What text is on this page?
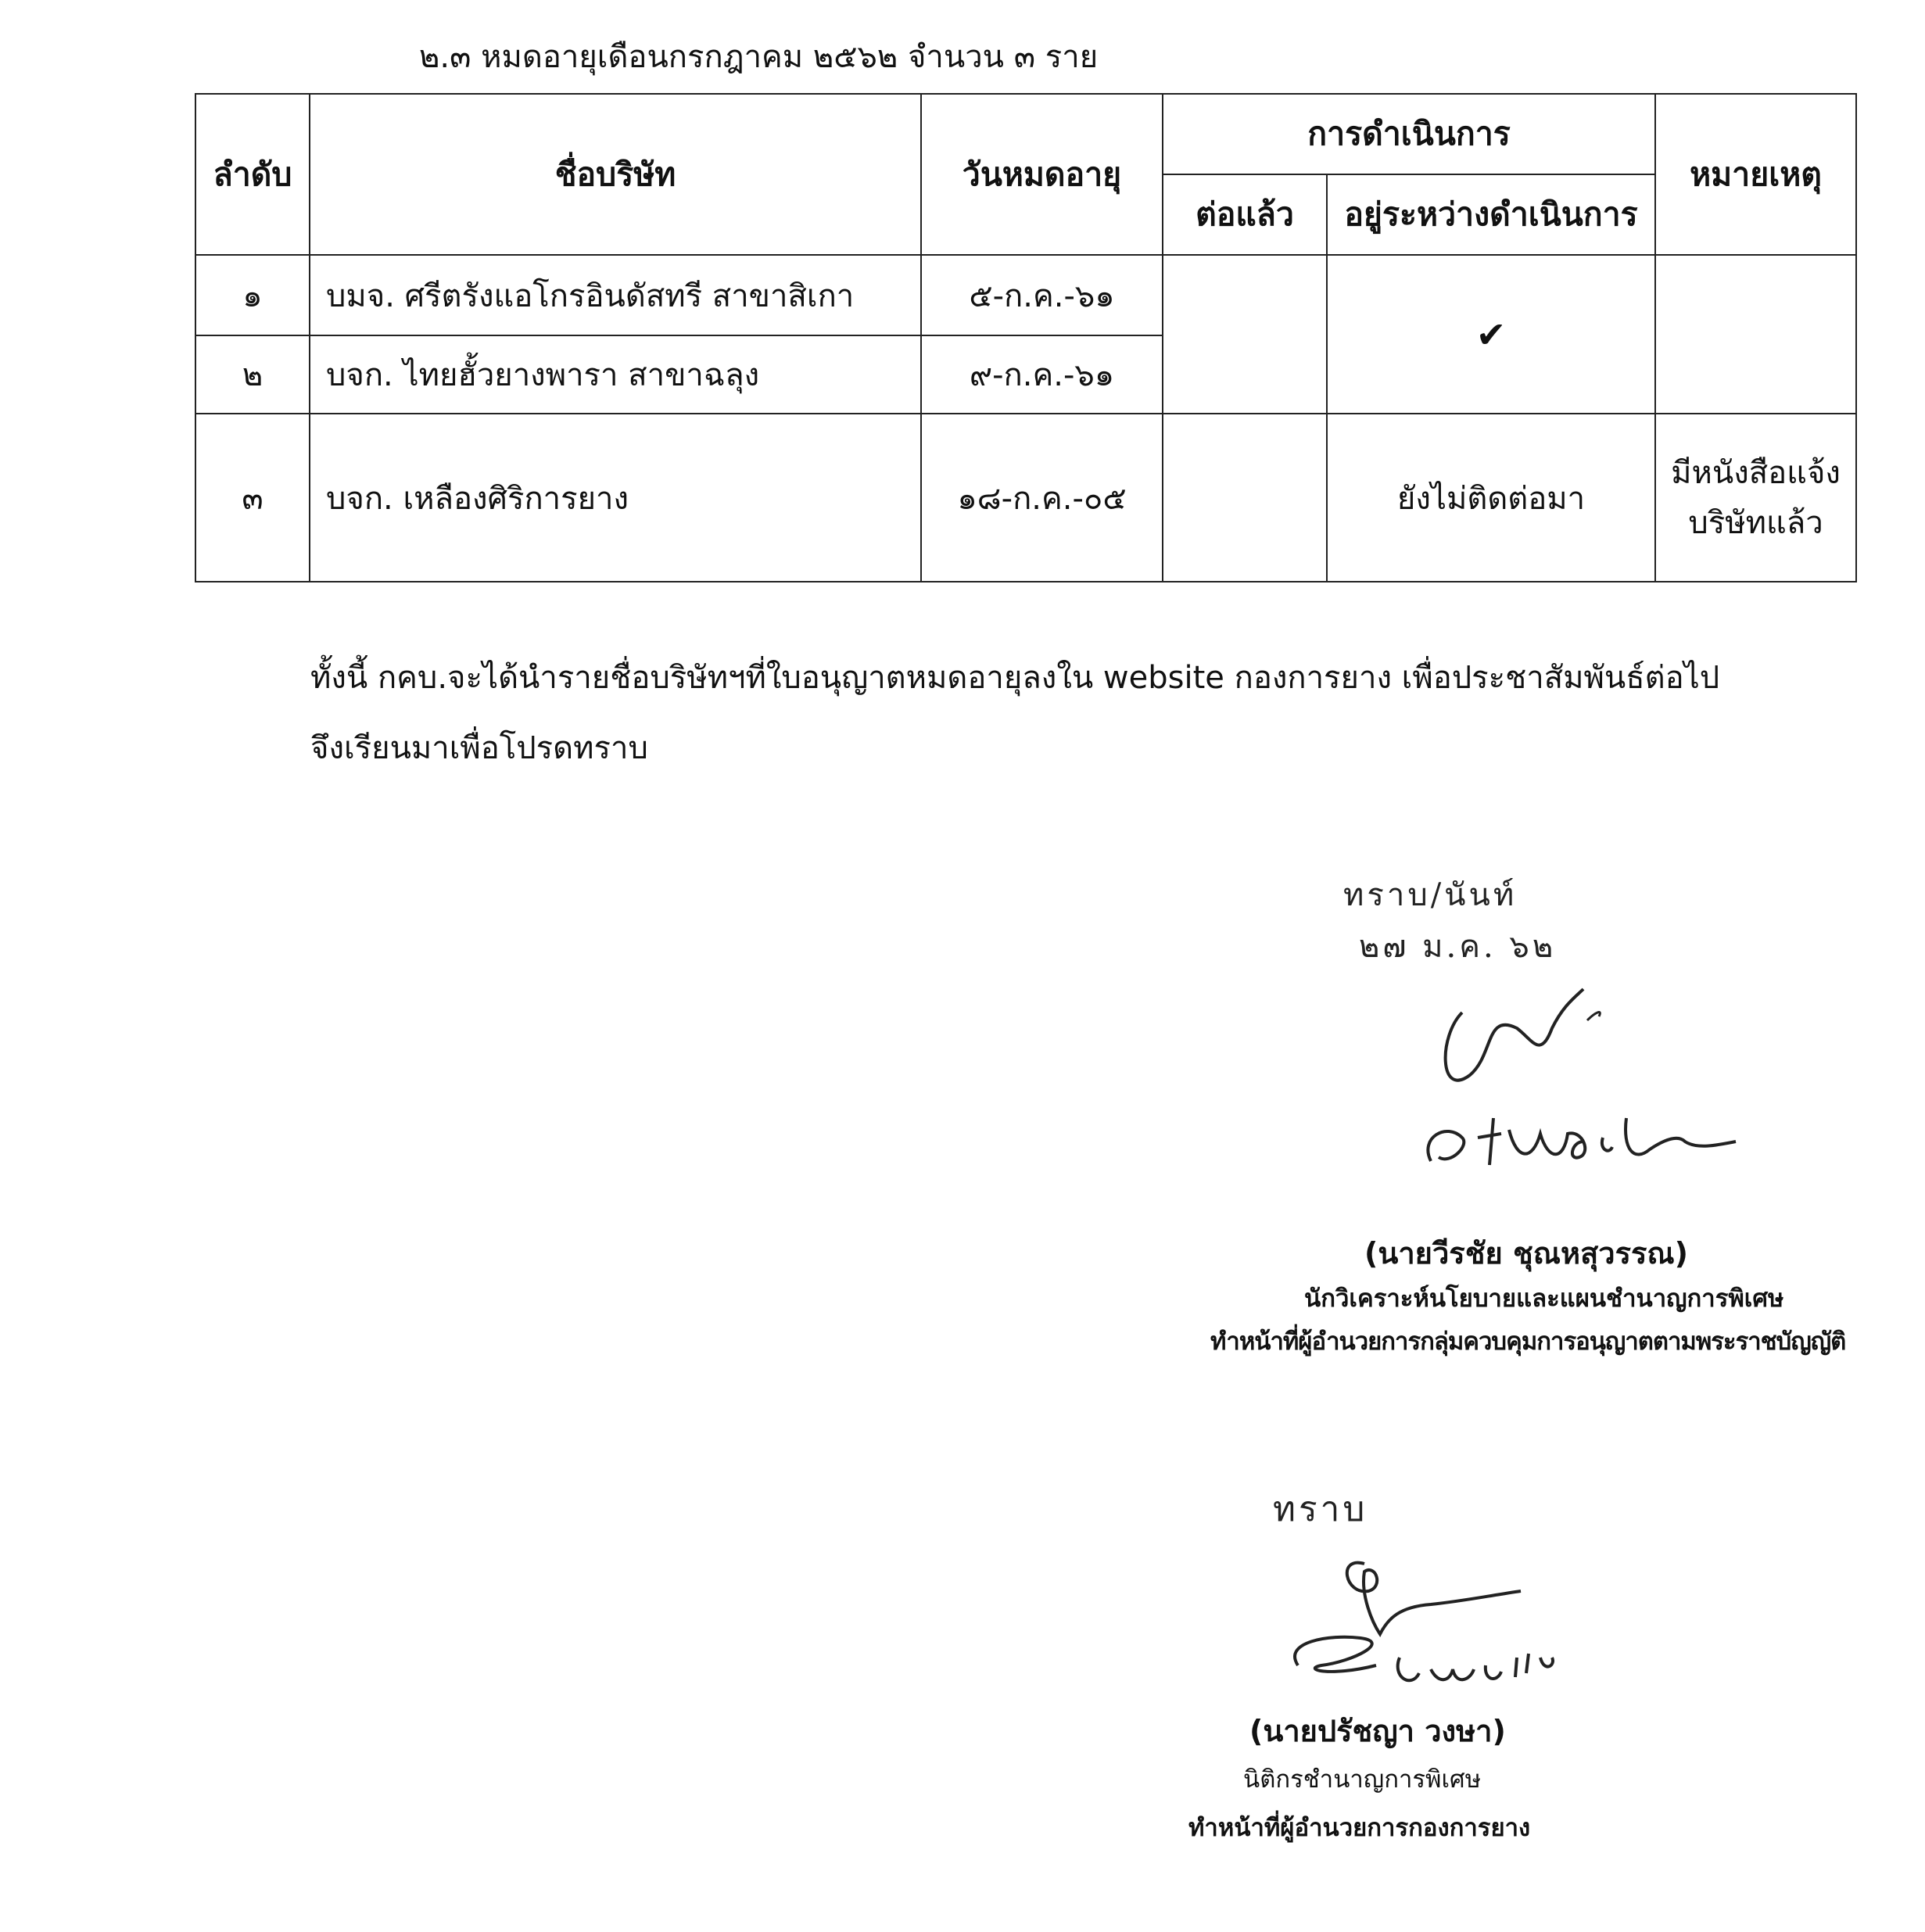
๒.๓ หมดอายุเดือนกรกฎาคม ๒๕๖๒ จำนวน ๓ ราย
ลำดับ	ชื่อบริษัท	วันหมดอายุ	การดำเนินการ		หมายเหตุ
			ต่อแล้ว	อยู่ระหว่างดำเนินการ	
๑	บมจ. ศรีตรังแอโกรอินดัสทรี สาขาสิเกา	๕-ก.ค.-๖๑		✔	
๒	บจก. ไทยฮั้วยางพารา สาขาฉลุง	๙-ก.ค.-๖๑			
๓	บจก. เหลืองศิริการยาง	๑๘-ก.ค.-๐๕		ยังไม่ติดต่อมา	มีหนังสือแจ้ง
บริษัทแล้ว
ทั้งนี้ กคบ.จะได้นำรายชื่อบริษัทฯที่ใบอนุญาตหมดอายุลงใน website กองการยาง เพื่อประชาสัมพันธ์ต่อไป
จึงเรียนมาเพื่อโปรดทราบ
ทราบ/นันท์
๒๗ ม.ค. ๖๒
(นายวีรชัย ชุณหสุวรรณ)
นักวิเคราะห์นโยบายและแผนชำนาญการพิเศษ
ทำหน้าที่ผู้อำนวยการกลุ่มควบคุมการอนุญาตตามพระราชบัญญัติ
ทราบ
(นายปรัชญา วงษา)
นิติกรชำนาญการพิเศษ
ทำหน้าที่ผู้อำนวยการกองการยาง
